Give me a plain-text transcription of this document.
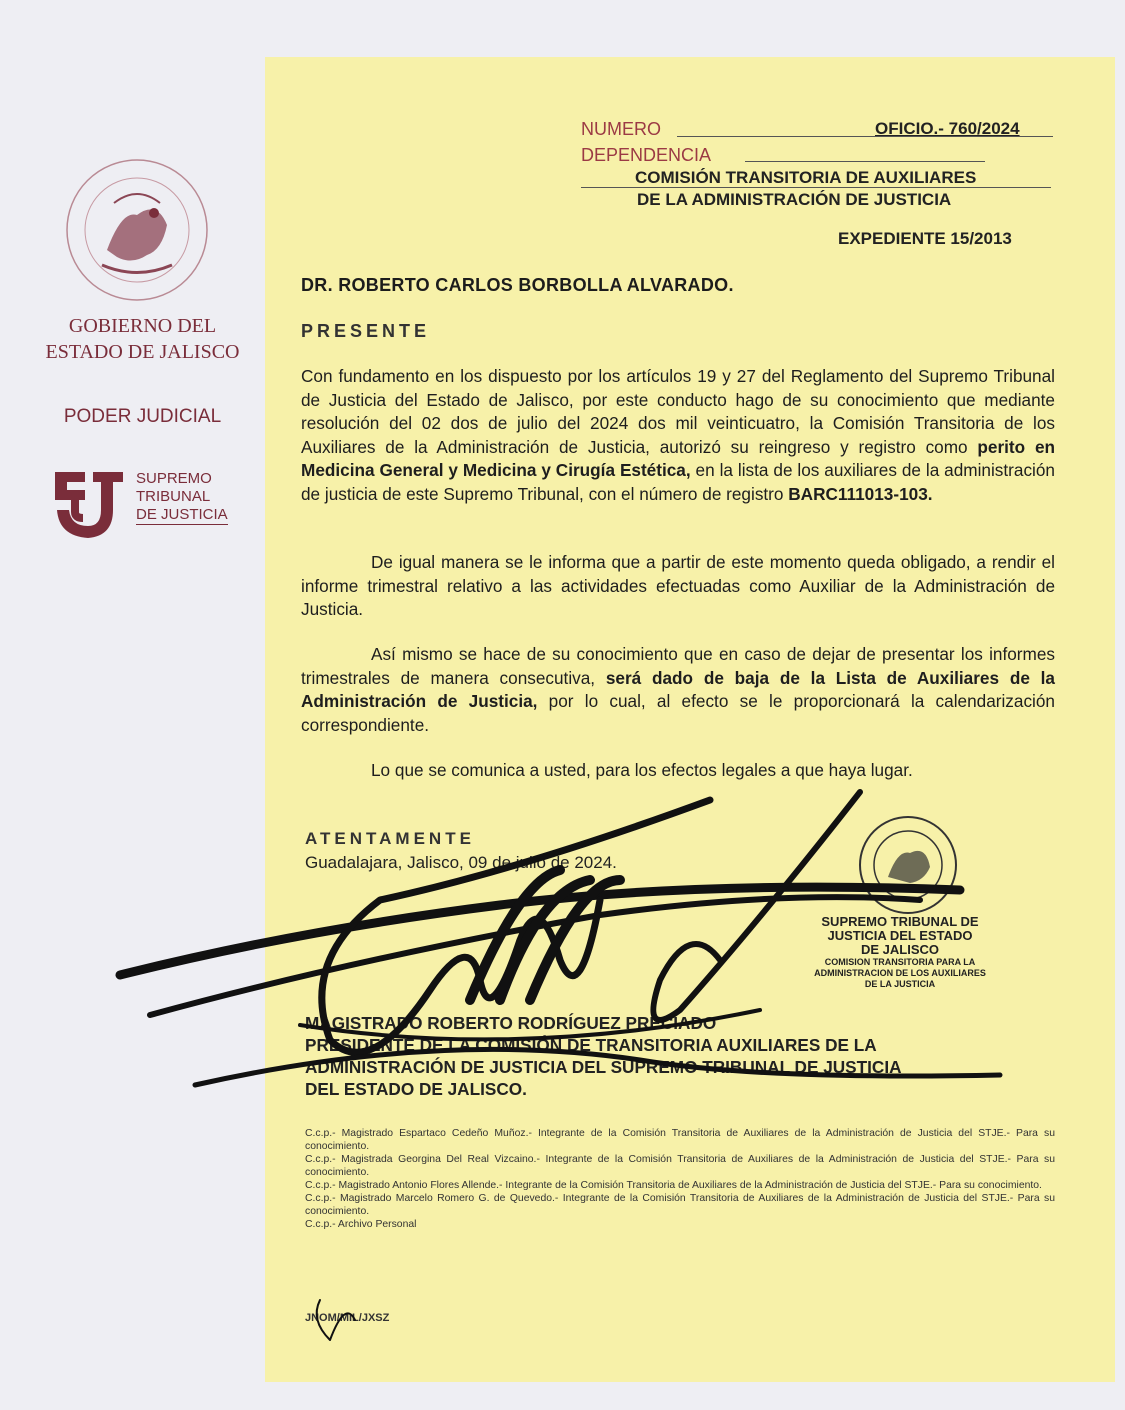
GOBIERNO DEL
ESTADO DE JALISCO
PODER JUDICIAL
SUPREMO
TRIBUNAL
DE JUSTICIA
NUMERO	OFICIO.- 760/2024
DEPENDENCIA
COMISIÓN TRANSITORIA DE AUXILIARES
DE LA ADMINISTRACIÓN DE JUSTICIA
EXPEDIENTE 15/2013
DR. ROBERTO CARLOS BORBOLLA ALVARADO.
PRESENTE
Con fundamento en los dispuesto por los artículos 19 y 27 del Reglamento del Supremo Tribunal de Justicia del Estado de Jalisco, por este conducto hago de su conocimiento que mediante resolución del 02 dos de julio del 2024 dos mil veinticuatro, la Comisión Transitoria de los Auxiliares de la Administración de Justicia, autorizó su reingreso y registro como perito en Medicina General y Medicina y Cirugía Estética, en la lista de los auxiliares de la administración de justicia de este Supremo Tribunal, con el número de registro BARC111013-103.
De igual manera se le informa que a partir de este momento queda obligado, a rendir el informe trimestral relativo a las actividades efectuadas como Auxiliar de la Administración de Justicia.
Así mismo se hace de su conocimiento que en caso de dejar de presentar los informes trimestrales de manera consecutiva, será dado de baja de la Lista de Auxiliares de la Administración de Justicia, por lo cual, al efecto se le proporcionará la calendarización correspondiente.
Lo que se comunica a usted, para los efectos legales a que haya lugar.
ATENTAMENTE
Guadalajara, Jalisco, 09 de julio de 2024.
SUPREMO TRIBUNAL DE
JUSTICIA DEL ESTADO
DE JALISCO
COMISION TRANSITORIA PARA LA
ADMINISTRACION DE LOS AUXILIARES
DE LA JUSTICIA
MAGISTRADO ROBERTO RODRÍGUEZ PRECIADO
PRESIDENTE DE LA COMISIÓN DE TRANSITORIA AUXILIARES DE LA
ADMINISTRACIÓN DE JUSTICIA DEL SUPREMO TRIBUNAL DE JUSTICIA
DEL ESTADO DE JALISCO.
C.c.p.- Magistrado Espartaco Cedeño Muñoz.- Integrante de la Comisión Transitoria de Auxiliares de la Administración de Justicia del STJE.- Para su conocimiento.
C.c.p.- Magistrada Georgina Del Real Vizcaino.- Integrante de la Comisión Transitoria de Auxiliares de la Administración de Justicia del STJE.- Para su conocimiento.
C.c.p.- Magistrado Antonio Flores Allende.- Integrante de la Comisión Transitoria de Auxiliares de la Administración de Justicia del STJE.- Para su conocimiento.
C.c.p.- Magistrado Marcelo Romero G. de Quevedo.- Integrante de la Comisión Transitoria de Auxiliares de la Administración de Justicia del STJE.- Para su conocimiento.
C.c.p.- Archivo Personal
JNOM/MIL/JXSZ
